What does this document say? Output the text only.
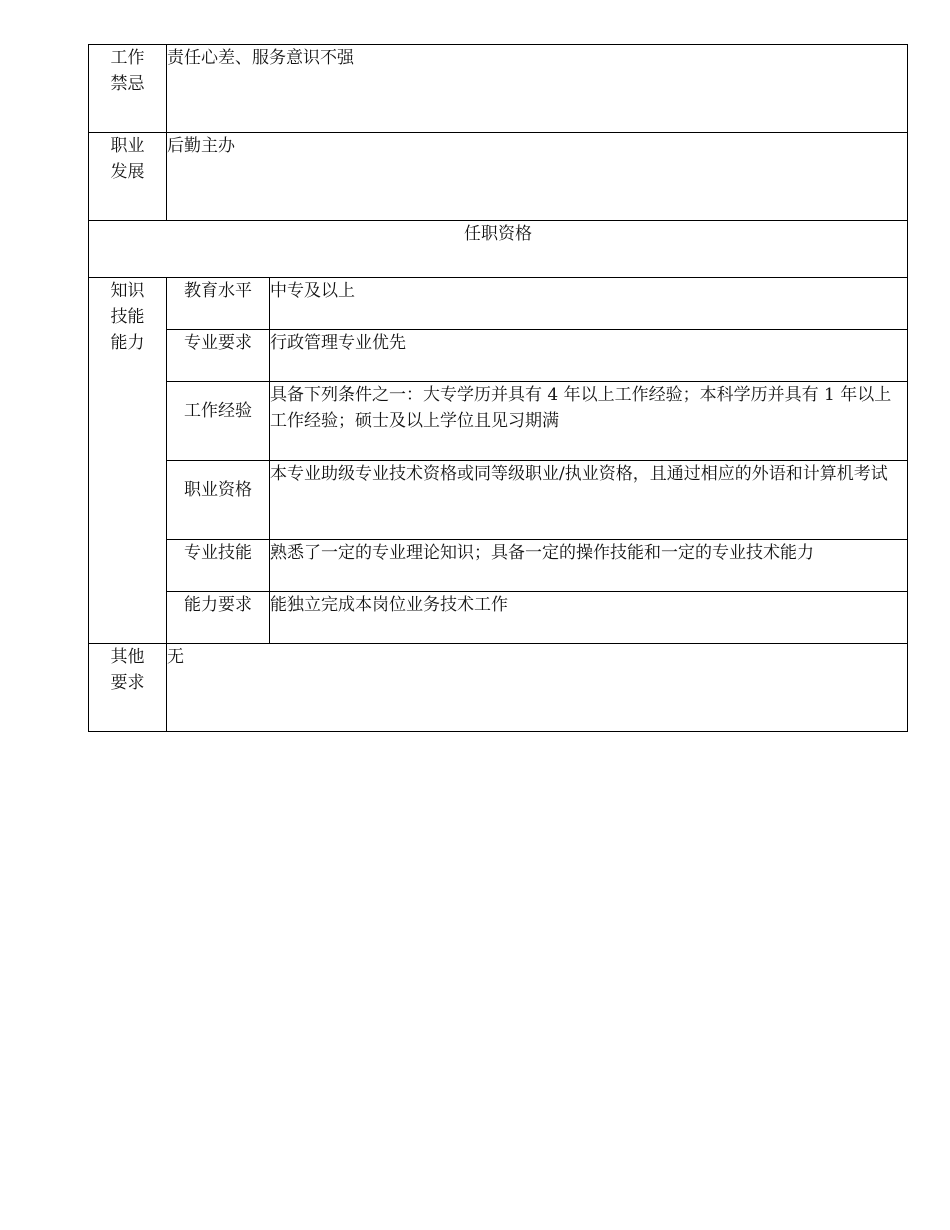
工作
禁忌	责任心差、服务意识不强	

职业
发展	后勤主办	

任职资格		

知识
技能
能力	教育水平	中专及以上
	专业要求	行政管理专业优先
	工作经验	具备下列条件之一：大专学历并具有 4 年以上工作经验；本科学历并具有 1 年以上工作经验；硕士及以上学位且见习期满
	职业资格	本专业助级专业技术资格或同等级职业/执业资格，且通过相应的外语和计算机考试
	专业技能	熟悉了一定的专业理论知识；具备一定的操作技能和一定的专业技术能力
	能力要求	能独立完成本岗位业务技术工作

其他
要求	无	
